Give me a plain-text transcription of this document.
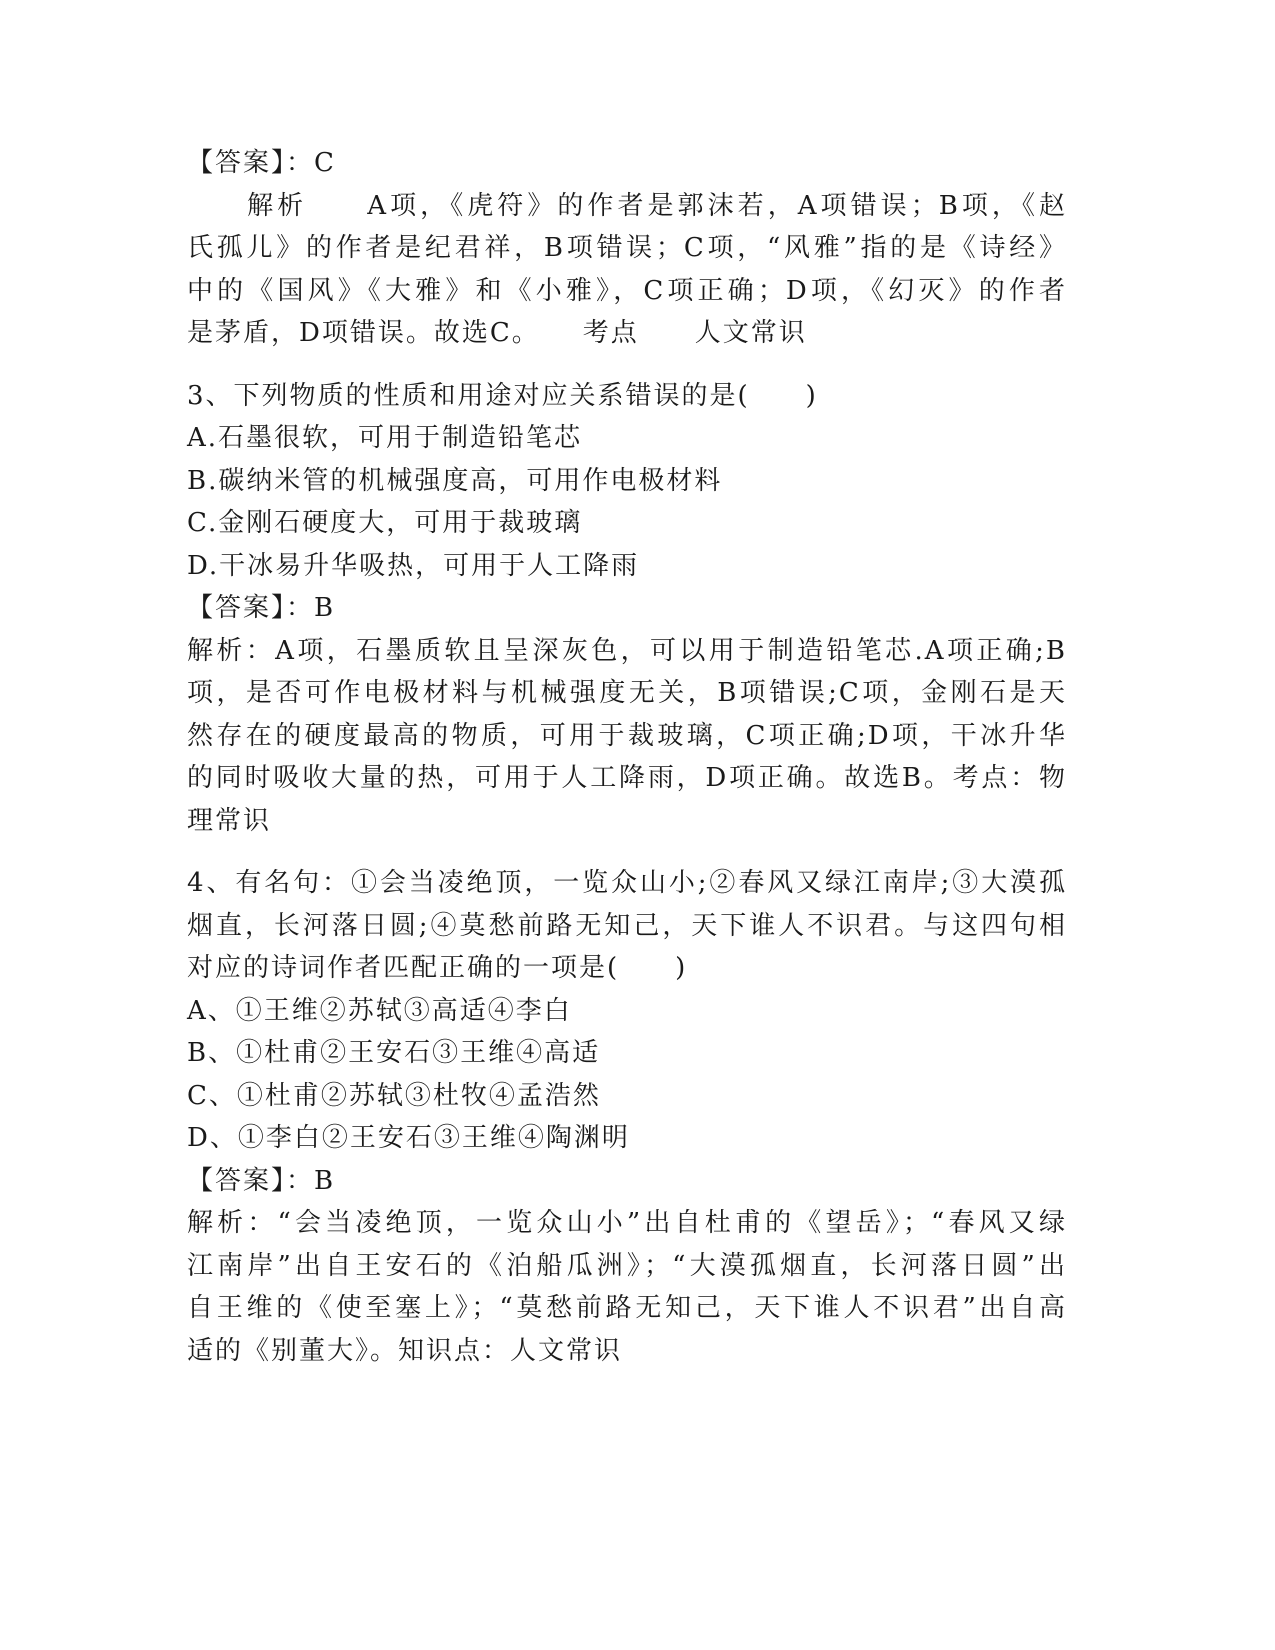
【答案】：C
　　解析　　A项，《虎符》的作者是郭沫若，A项错误；B项，《赵
氏孤儿》的作者是纪君祥，B项错误；C项，“风雅”指的是《诗经》
中的《国风》《大雅》和《小雅》，C项正确；D项，《幻灭》的作者
是茅盾，D项错误。故选C。　　考点　　人文常识
3、下列物质的性质和用途对应关系错误的是(　　)
A.石墨很软，可用于制造铅笔芯
B.碳纳米管的机械强度高，可用作电极材料
C.金刚石硬度大，可用于裁玻璃
D.干冰易升华吸热，可用于人工降雨
【答案】：B
解析：A项，石墨质软且呈深灰色，可以用于制造铅笔芯.A项正确;B
项，是否可作电极材料与机械强度无关，B项错误;C项，金刚石是天
然存在的硬度最高的物质，可用于裁玻璃，C项正确;D项，干冰升华
的同时吸收大量的热，可用于人工降雨，D项正确。故选B。考点：物
理常识
4、有名句：①会当凌绝顶，一览众山小;②春风又绿江南岸;③大漠孤
烟直，长河落日圆;④莫愁前路无知己，天下谁人不识君。与这四句相
对应的诗词作者匹配正确的一项是(　　)
A、①王维②苏轼③高适④李白
B、①杜甫②王安石③王维④高适
C、①杜甫②苏轼③杜牧④孟浩然
D、①李白②王安石③王维④陶渊明
【答案】：B
解析：“会当凌绝顶，一览众山小”出自杜甫的《望岳》；“春风又绿
江南岸”出自王安石的《泊船瓜洲》；“大漠孤烟直，长河落日圆”出
自王维的《使至塞上》；“莫愁前路无知己，天下谁人不识君”出自高
适的《别董大》。知识点：人文常识
